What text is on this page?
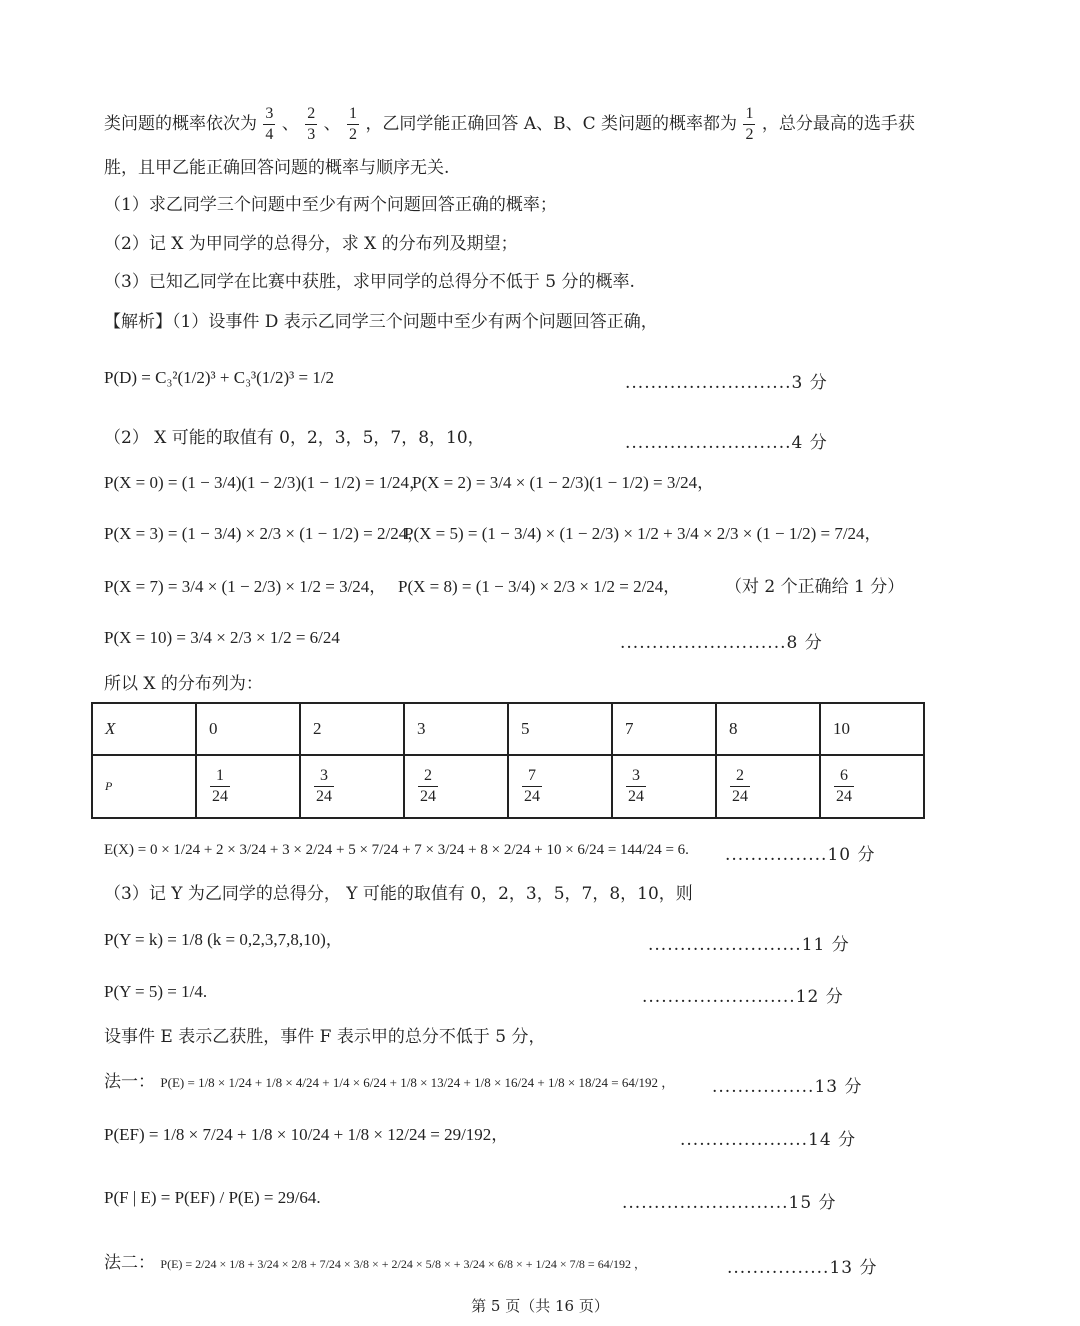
类问题的概率依次为 $\frac{3}{4}$ 、 $\frac{2}{3}$ 、 $\frac{1}{2}$ ，乙同学能正确回答 A、B、C 类问题的概率都为 $\frac{1}{2}$ ，总分最高的选手获
胜，且甲乙能正确回答问题的概率与顺序无关.
（1）求乙同学三个问题中至少有两个问题回答正确的概率；
（2）记 X 为甲同学的总得分，求 X 的分布列及期望；
（3）已知乙同学在比赛中获胜，求甲同学的总得分不低于 5 分的概率.
【解析】（1）设事件 D 表示乙同学三个问题中至少有两个问题回答正确，
P(D) = C₃²(1/2)³ + C₃³(1/2)³ = 1/2	..........................3 分
（2） X 可能的取值有 0，2，3，5，7，8，10，	..........................4 分
P(X = 0) = (1 − 3/4)(1 − 2/3)(1 − 1/2) = 1/24，
P(X = 2) = 3/4 × (1 − 2/3)(1 − 1/2) = 3/24，
P(X = 3) = (1 − 3/4) × 2/3 × (1 − 1/2) = 2/24，
P(X = 5) = (1 − 3/4) × (1 − 2/3) × 1/2 + 3/4 × 2/3 × (1 − 1/2) = 7/24，
P(X = 7) = 3/4 × (1 − 2/3) × 1/2 = 3/24， P(X = 8) = (1 − 3/4) × 2/3 × 1/2 = 2/24，	（对 2 个正确给 1 分）
P(X = 10) = 3/4 × 2/3 × 1/2 = 6/24	..........................8 分
所以 X 的分布列为：
X	0	2	3	5	7	8	10
P	$\frac{1}{24}$	$\frac{3}{24}$	$\frac{2}{24}$	$\frac{7}{24}$	$\frac{3}{24}$	$\frac{2}{24}$	$\frac{6}{24}$
E(X) = 0 × 1/24 + 2 × 3/24 + 3 × 2/24 + 5 × 7/24 + 7 × 3/24 + 8 × 2/24 + 10 × 6/24 = 144/24 = 6. ................10 分
（3）记 Y 为乙同学的总得分， Y 可能的取值有 0，2，3，5，7，8，10，则
P(Y = k) = 1/8 (k = 0,2,3,7,8,10)，	........................11 分
P(Y = 5) = 1/4.	........................12 分
设事件 E 表示乙获胜，事件 F 表示甲的总分不低于 5 分，
法一： P(E) = 1/8 × 1/24 + 1/8 × 4/24 + 1/4 × 6/24 + 1/8 × 13/24 + 1/8 × 16/24 + 1/8 × 18/24 = 64/192 ， ................13 分
P(EF) = 1/8 × 7/24 + 1/8 × 10/24 + 1/8 × 12/24 = 29/192，	....................14 分
P(F | E) = P(EF) / P(E) = 29/64.	..........................15 分
法二： P(E) = 2/24 × 1/8 + 3/24 × 2/8 + 7/24 × 3/8 × + 2/24 × 5/8 × + 3/24 × 6/8 × + 1/24 × 7/8 = 64/192 ，	................13 分
第 5 页（共 16 页）
